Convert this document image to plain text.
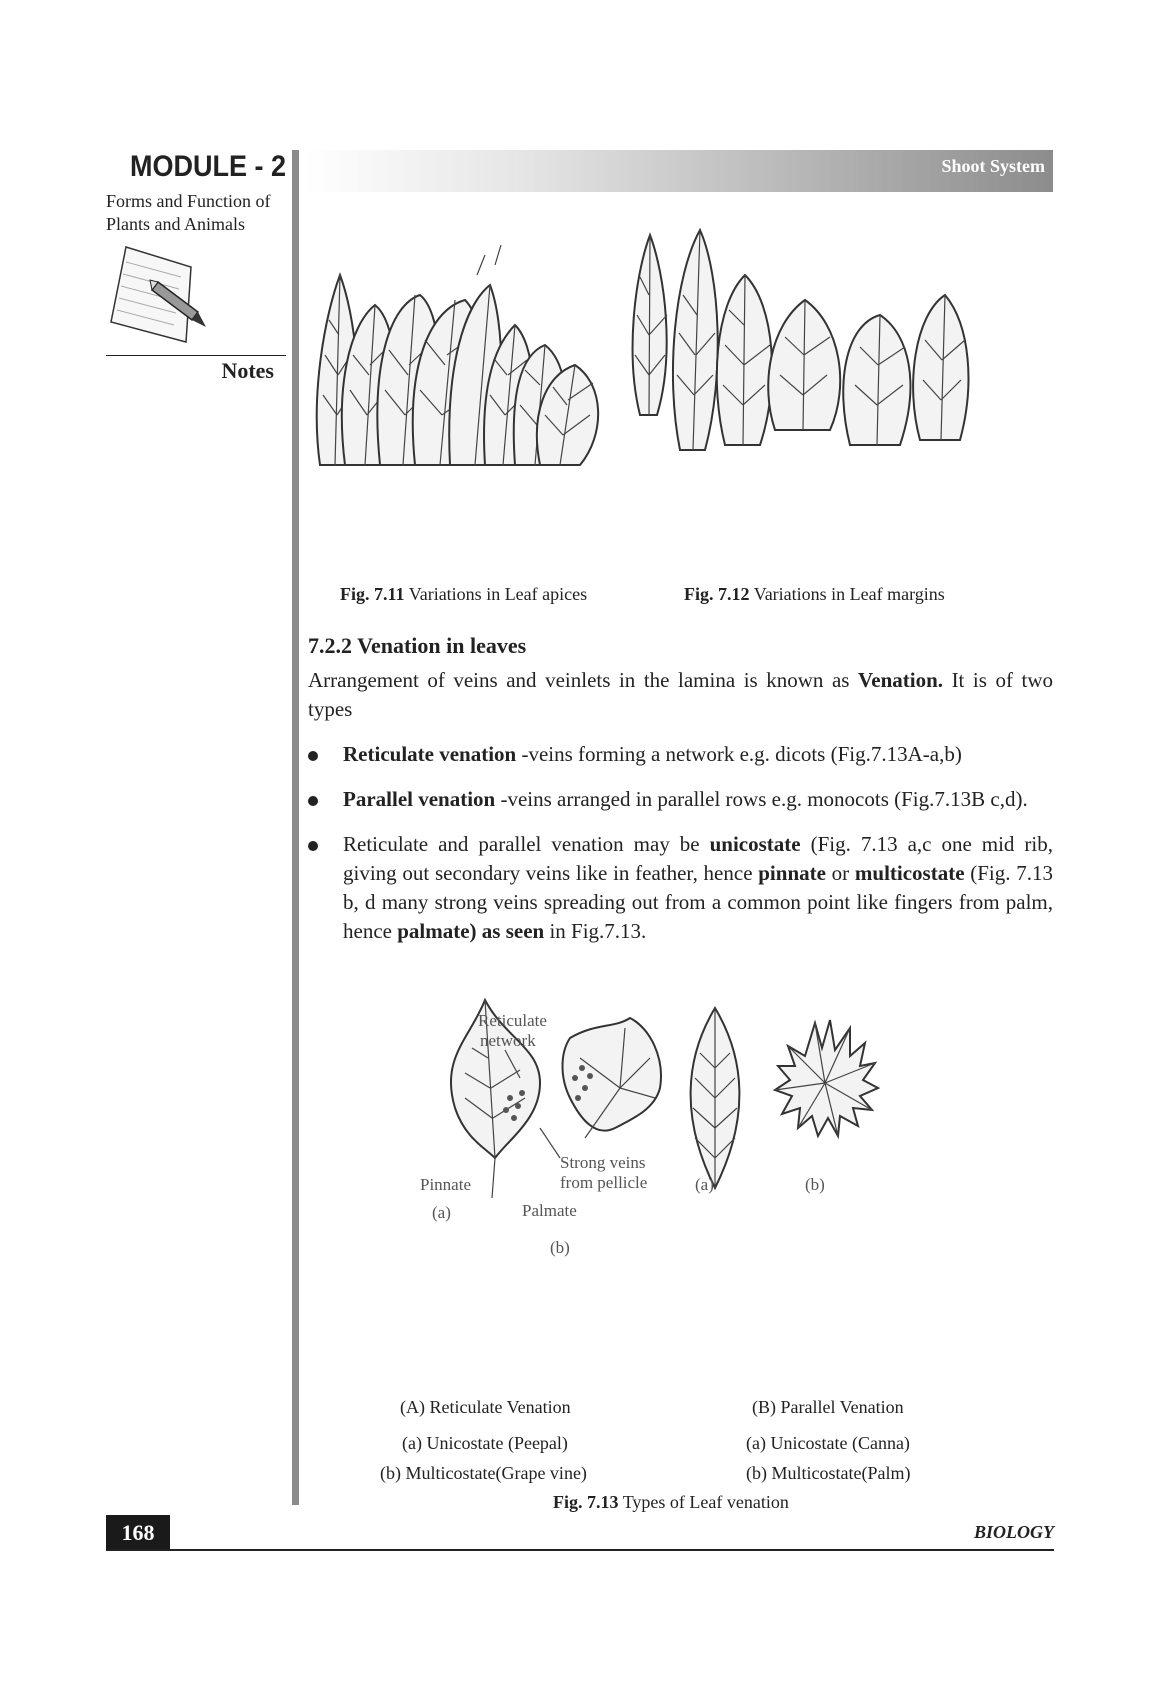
MODULE - 2
Forms and Function of
Plants and Animals
Notes
Shoot System
Fig. 7.11 Variations in Leaf apices	Fig. 7.12 Variations in Leaf margins
7.2.2 Venation in leaves
Arrangement of veins and veinlets in the lamina is known as Venation. It is of two types
Reticulate venation -veins forming a network e.g. dicots (Fig.7.13A-a,b)
Parallel venation -veins arranged in parallel rows e.g. monocots (Fig.7.13B c,d).
Reticulate and parallel venation may be unicostate (Fig. 7.13 a,c one mid rib, giving out secondary veins like in feather, hence pinnate or multicostate (Fig. 7.13 b, d many strong veins spreading out from a common point like fingers from palm, hence palmate) as seen in Fig.7.13.
Reticulate
network
Strong veins
from pellicle
Pinnate
(a)	Palmate
(b)
(a)	(b)
(A) Reticulate Venation
(a) Unicostate (Peepal)
(b) Multicostate(Grape vine)
(B) Parallel Venation
(a) Unicostate (Canna)
(b) Multicostate(Palm)
Fig. 7.13 Types of Leaf venation
168	BIOLOGY
